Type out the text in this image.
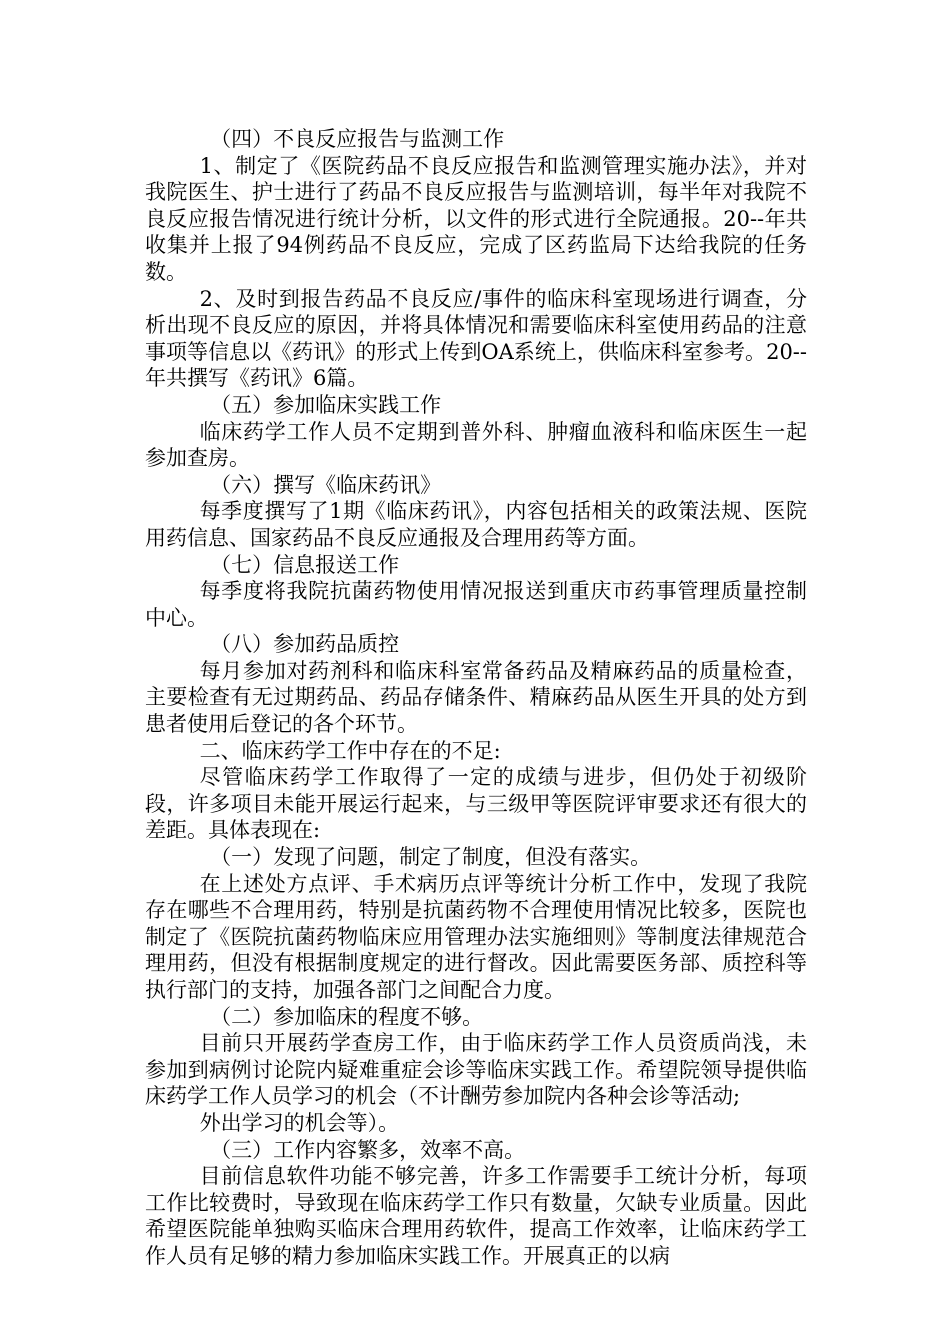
（四）不良反应报告与监测工作

1、制定了《医院药品不良反应报告和监测管理实施办法》，并对我院医生、护士进行了药品不良反应报告与监测培训，每半年对我院不良反应报告情况进行统计分析，以文件的形式进行全院通报。20--年共收集并上报了94例药品不良反应，完成了区药监局下达给我院的任务数。

2、及时到报告药品不良反应/事件的临床科室现场进行调查，分析出现不良反应的原因，并将具体情况和需要临床科室使用药品的注意事项等信息以《药讯》的形式上传到OA系统上，供临床科室参考。20--年共撰写《药讯》6篇。

（五）参加临床实践工作

临床药学工作人员不定期到普外科、肿瘤血液科和临床医生一起参加查房。

（六）撰写《临床药讯》

每季度撰写了1期《临床药讯》，内容包括相关的政策法规、医院用药信息、国家药品不良反应通报及合理用药等方面。

（七）信息报送工作

每季度将我院抗菌药物使用情况报送到重庆市药事管理质量控制中心。

（八）参加药品质控

每月参加对药剂科和临床科室常备药品及精麻药品的质量检查，主要检查有无过期药品、药品存储条件、精麻药品从医生开具的处方到患者使用后登记的各个环节。

二、临床药学工作中存在的不足:

尽管临床药学工作取得了一定的成绩与进步，但仍处于初级阶段，许多项目未能开展运行起来，与三级甲等医院评审要求还有很大的差距。具体表现在:

（一）发现了问题，制定了制度，但没有落实。

在上述处方点评、手术病历点评等统计分析工作中，发现了我院存在哪些不合理用药，特别是抗菌药物不合理使用情况比较多，医院也制定了《医院抗菌药物临床应用管理办法实施细则》等制度法律规范合理用药，但没有根据制度规定的进行督改。因此需要医务部、质控科等执行部门的支持，加强各部门之间配合力度。

（二）参加临床的程度不够。

目前只开展药学查房工作，由于临床药学工作人员资质尚浅，未参加到病例讨论院内疑难重症会诊等临床实践工作。希望院领导提供临床药学工作人员学习的机会（不计酬劳参加院内各种会诊等活动;

外出学习的机会等）。

（三）工作内容繁多，效率不高。

目前信息软件功能不够完善，许多工作需要手工统计分析，每项工作比较费时，导致现在临床药学工作只有数量，欠缺专业质量。因此希望医院能单独购买临床合理用药软件，提高工作效率，让临床药学工作人员有足够的精力参加临床实践工作。开展真正的以病
